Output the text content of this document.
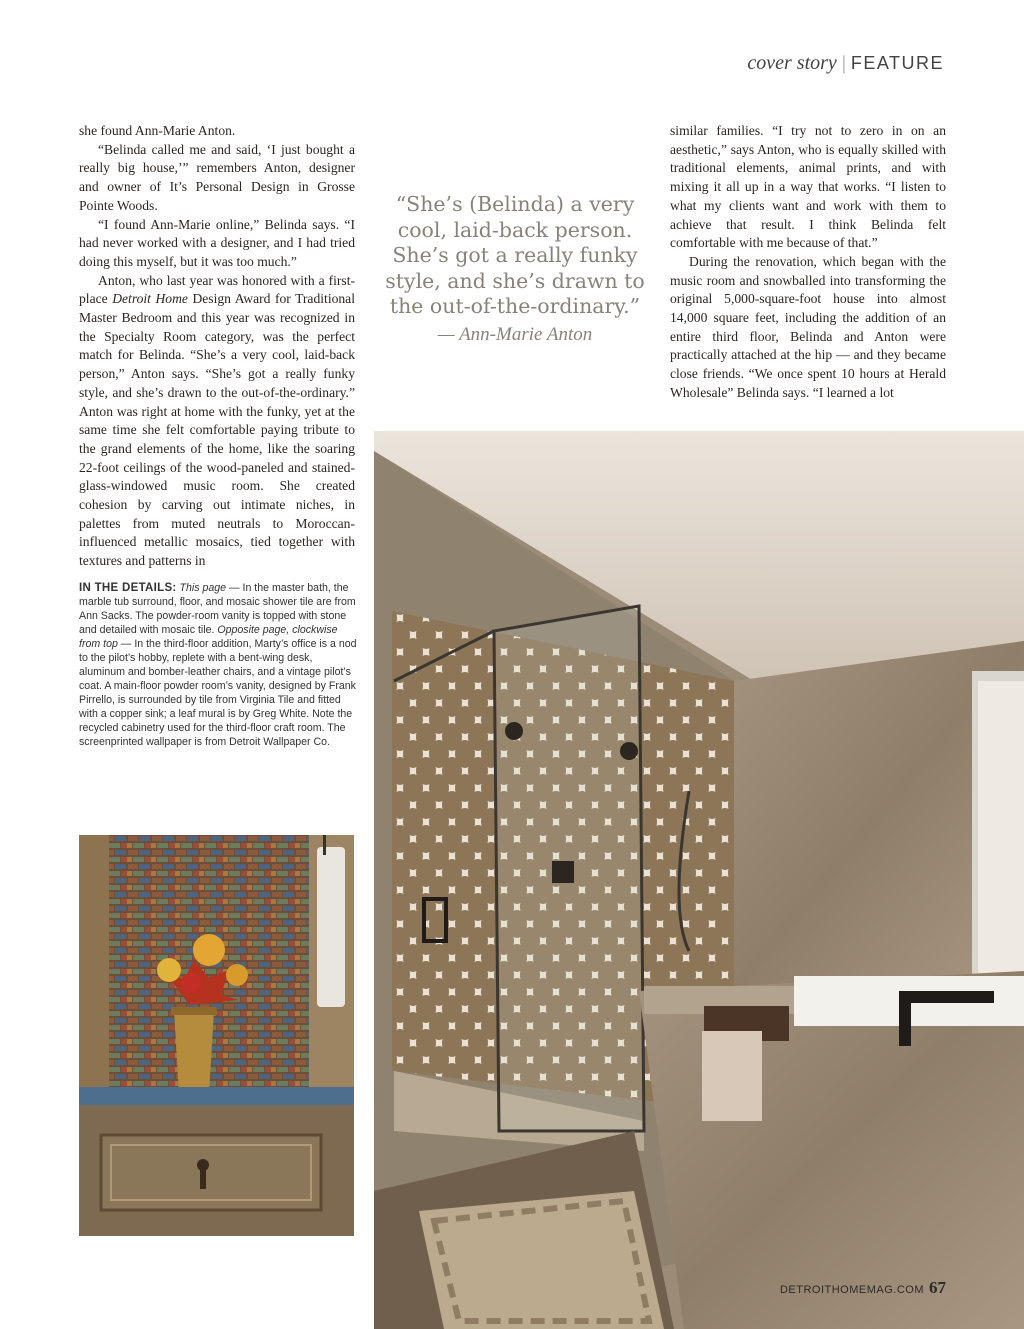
cover story | FEATURE

she found Ann-Marie Anton.

“Belinda called me and said, ‘I just bought a really big house,’” remembers Anton, designer and owner of It’s Personal Design in Grosse Pointe Woods.

“I found Ann-Marie online,” Belinda says. “I had never worked with a designer, and I had tried doing this myself, but it was too much.”

Anton, who last year was honored with a first-place Detroit Home Design Award for Traditional Master Bedroom and this year was recognized in the Specialty Room category, was the perfect match for Belinda. “She’s a very cool, laid-back person,” Anton says. “She’s got a really funky style, and she’s drawn to the out-of-the-ordinary.” Anton was right at home with the funky, yet at the same time she felt comfortable paying tribute to the grand elements of the home, like the soaring 22-foot ceilings of the wood-paneled and stained-glass-windowed music room. She created cohesion by carving out intimate niches, in palettes from muted neutrals to Moroccan-influenced metallic mosaics, tied together with textures and patterns in

“She’s (Belinda) a very cool, laid-back person. She’s got a really funky style, and she’s drawn to the out-of-the-ordinary.”
— Ann-Marie Anton

similar families. “I try not to zero in on an aesthetic,” says Anton, who is equally skilled with traditional elements, animal prints, and with mixing it all up in a way that works. “I listen to what my clients want and work with them to achieve that result. I think Belinda felt comfortable with me because of that.”

During the renovation, which began with the music room and snowballed into transforming the original 5,000-square-foot house into almost 14,000 square feet, including the addition of an entire third floor, Belinda and Anton were practically attached at the hip — and they became close friends. “We once spent 10 hours at Herald Wholesale” Belinda says. “I learned a lot

IN THE DETAILS: This page — In the master bath, the marble tub surround, floor, and mosaic shower tile are from Ann Sacks. The powder-room vanity is topped with stone and detailed with mosaic tile. Opposite page, clockwise from top — In the third-floor addition, Marty’s office is a nod to the pilot’s hobby, replete with a bent-wing desk, aluminum and bomber-leather chairs, and a vintage pilot’s coat. A main-floor powder room’s vanity, designed by Frank Pirrello, is surrounded by tile from Virginia Tile and fitted with a copper sink; a leaf mural is by Greg White. Note the recycled cabinetry used for the third-floor craft room. The screenprinted wallpaper is from Detroit Wallpaper Co.
DETROITHOMEMAG.COM 67
